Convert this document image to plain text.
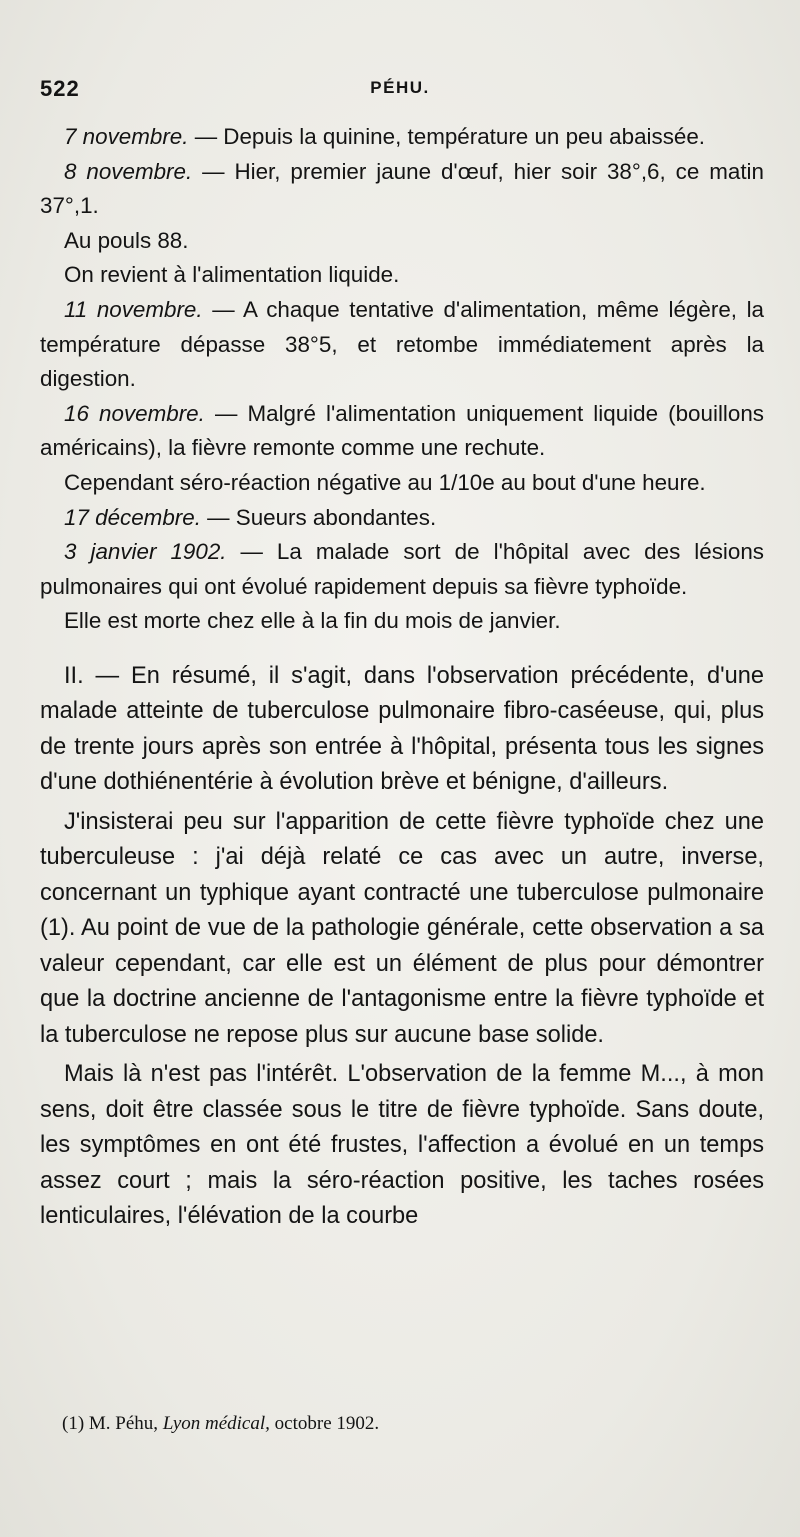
522	PÉHU.

7 novembre. — Depuis la quinine, température un peu abaissée.

8 novembre. — Hier, premier jaune d'œuf, hier soir 38°,6, ce matin 37°,1.

Au pouls 88.

On revient à l'alimentation liquide.

11 novembre. — A chaque tentative d'alimentation, même légère, la température dépasse 38°5, et retombe immédiatement après la digestion.

16 novembre. — Malgré l'alimentation uniquement liquide (bouillons américains), la fièvre remonte comme une rechute.

Cependant séro-réaction négative au 1/10e au bout d'une heure.

17 décembre. — Sueurs abondantes.

3 janvier 1902. — La malade sort de l'hôpital avec des lésions pulmonaires qui ont évolué rapidement depuis sa fièvre typhoïde.

Elle est morte chez elle à la fin du mois de janvier.

II. — En résumé, il s'agit, dans l'observation précédente, d'une malade atteinte de tuberculose pulmonaire fibro-caséeuse, qui, plus de trente jours après son entrée à l'hôpital, présenta tous les signes d'une dothiénentérie à évolution brève et bénigne, d'ailleurs.

J'insisterai peu sur l'apparition de cette fièvre typhoïde chez une tuberculeuse : j'ai déjà relaté ce cas avec un autre, inverse, concernant un typhique ayant contracté une tuberculose pulmonaire (1). Au point de vue de la pathologie générale, cette observation a sa valeur cependant, car elle est un élément de plus pour démontrer que la doctrine ancienne de l'antagonisme entre la fièvre typhoïde et la tuberculose ne repose plus sur aucune base solide.

Mais là n'est pas l'intérêt. L'observation de la femme M..., à mon sens, doit être classée sous le titre de fièvre typhoïde. Sans doute, les symptômes en ont été frustes, l'affection a évolué en un temps assez court ; mais la séro-réaction positive, les taches rosées lenticulaires, l'élévation de la courbe

(1) M. Péhu, Lyon médical, octobre 1902.
